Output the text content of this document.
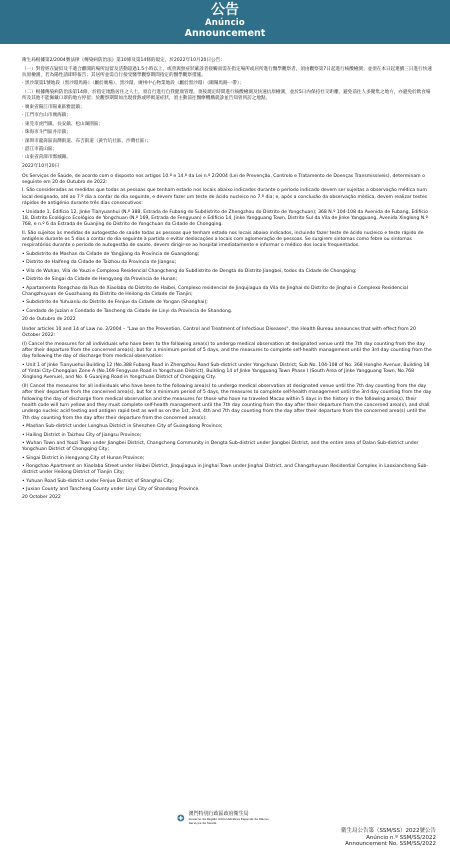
公告
Anúncio
Announcement

衛生局根據第2/2004號法律《傳染病防治法》第10條及第14條的規定，於2022年10月20日公告：

（一）對曾經在疑似及不適合離開的場所逗留及活動超過1.5小時以上，或曾與無症狀確診者接觸而需在指定場所或居所進行醫學觀察者，須由觀察第7日起進行核酸檢測；並須在本日起連續三日進行快速抗原檢測，若為陽性請即時報告；其居所並需自行接受醫學觀察期間指定的醫學觀察措施。

‧ 黑沙環第1號地段（黑沙環馬路）（屬於廣場）、黑沙環、廣州中心物業地段（屬於黑沙環）（關閘馬路一帶）；

（二）根據傳染病防治法第14條，於指定地點居住之人士，須自行進行自我健康管理，須按規定時間進行核酸檢測及快速抗原檢測，並於5日內保持社交距離，避免前往人多聚集之地方，亦避免於飲食場所及其他不能佩戴口罩的地方停留；於觀察期間如出現發熱或呼吸道症狀，須主動前往醫療機構就診並告知曾到訪之地點。

‧ 廣東省陽江市陽東區雅韶鎮；
‧ 江門市台山市廣海鎮；
‧ 東莞市虎門鎮、長安鎮、松山湖園區；
‧ 珠海市斗門區井岸鎮；
‧ 深圳市龍崗區南灣街道、布吉街道（黃竹坑社區、沙灣社區）；
‧ 湛江市霞山區；
‧ 山東省菏澤市鄄城縣。
2022年10月20日

Os Serviços de Saúde, de acordo com o disposto nos artigos 10.º e 14.º da Lei n.º 2/2004 (Lei de Prevenção, Controlo e Tratamento de Doenças Transmissíveis), determinam o seguinte em 20 de Outubro de 2022:

I. São consideradas as medidas que todas as pessoas que tenham estado nos locais abaixo indicados durante o período indicado devem ser sujeitas a observação médica num local designado, até ao 7.º dia a contar do dia seguinte, e devem fazer um teste de ácido nucleico no 7.º dia; e, após a conclusão da observação médica, devem realizar testes rápidos de antigénio durante três dias consecutivos:

• Unidade 1, Edifício 12, Jinke Tianyuanhui (N.º 388, Estrada de Fubang do Subdistrito de Zhengzhou do Distrito de Yongchuan); 368 N.º 104-108 da Avenida de Fubang, Edifício 18, Distrito Ecológico Ecológico de Yongchuan (N.º 169, Estrada de Fengyuan) e Edifício 14, Jinke Yangguang Town, Distrito Sul da Vila de Jinke Yangguang, Avenida Xinglong N.º 768, e n.º 6 da Estrada de Guanjing do Distrito de Yongchuan da Cidade de Chongqing.

II. São sujeitos às medidas de autogestão de saúde todas as pessoas que tenham estado nos locais abaixo indicados, incluindo fazer teste de ácido nucleico e teste rápido de antigénio durante os 5 dias a contar do dia seguinte à partida e evitar deslocações a locais com aglomeração de pessoas. Se surgirem sintomas como febre ou sintomas respiratórios durante o período de autogestão de saúde, devem dirigir-se ao hospital imediatamente e informar o médico dos locais frequentados.

• Subdistrito de Mashan da Cidade de Yangjiang da Província de Guangdong;
• Distrito de Haifeng da Cidade de Taizhou da Província de Jiangsu;
• Vila de Wuhan, Vila de Youzi e Complexo Residencial Changcheng do Subdistrito de Dengta do Distrito Jiangbei, todos da Cidade de Chongqing;
• Distrito de Singai da Cidade de Hengyang da Província de Hunan;
• Apartamento Rongchao da Rua de Xiaolaba do Distrito de Haibei, Complexo residencial de Jinqujiagua da Vila de Jinghai do Distrito de Jinghai e Complexo Residencial Changzhuyuan de Guozhuang do Distrito de Heilong da Cidade de Tianjin;
• Subdistrito de Yuhuanlu do Distrito de Fenjue da Cidade de Yongan (Shanghai);
• Condado de Juzian e Condado de Tancheng da Cidade de Linyi da Província de Shandong.
20 de Outubro de 2022

Under articles 10 and 14 of Law no. 2/2004 – "Law on the Prevention, Control and Treatment of Infectious Diseases", the Health Bureau announces that with effect from 20 October 2022:

(I) Cancel the measures for all individuals who have been to the following area(s) to undergo medical observation at designated venue until the 7th day counting from the day after their departure from the concerned area(s); but for a minimum period of 5 days, and the measures to complete self-health management until the 3rd day counting from the day following the day of discharge from medical observation:

• Unit 1 of Jinke Tianyuehui Building 12 (No.388 Fubang Road in Zhengzhou Road Sub-district under Yongchuan District; Sub No. 104-108 of No. 368 Honghe Avenue, Building 18 of Yintai City-Chongqian Zone A (No.169 Fengyuan Road in Yongchuan District), Building 14 of Jinke Yangguang Town Phase I (South Area of Jinke Yangguang Town, No.768 Xinglong Avenue), and No. 6 Guanjing Road in Yongchuan District of Chongqing City.

(II) Cancel the measures for all individuals who have been to the following area(s) to undergo medical observation at designated venue until the 7th day counting from the day after their departure from the concerned area(s), but for a minimum period of 5 days, the measures to complete self-health management until the 3rd day counting from the day following the day of discharge from medical observation and the measures for those who have no traveled Macao within 5 days in the history in the following area(s), their health code will turn yellow and they must complete self-health management until the 7th day counting from the day after their departure from the concerned area(s), and shall undergo nucleic acid testing and antigen rapid test as well as on the 1st, 2nd, 4th and 7th day counting from the day after their departure from the concerned area(s) until the 7th day counting from the day after their departure from the concerned area(s):

• Mashan Sub-district under Longhua District in Shenzhen City of Guangdong Province;
• Hailing District in Taizhou City of Jiangsu Province;
• Wuhan Town and Youzi Town under Jiangbei District, Changcheng Community in Dengta Sub-district under Jiangbei District, and the entire area of Dalan Sub-district under Yongchuan District of Chongqing City;
• Singai District in Hengyang City of Hunan Province;
• Rongchao Apartment on Xiaolaba Street under Haibei District, Jinqujiagua in Jinghai Town under Jinghai District, and Changzhuyuan Residential Complex in Laoxiancheng Sub-district under Heilong District of Tianjin City;
• Yuhuan Road Sub-district under Fenjue District of Shanghai City;
• Juxian County and Tancheng County under Linyi City of Shandong Province.
20 October 2022
澳門特別行政區政府衛生局
Governo da Região Administrativa Especial de Macau · Serviços de Saúde
衛生局公告第（SSM/SS）2022號公告
Anúncio n.º SSM/SS/2022
Announcement No. SSM/SS/2022
